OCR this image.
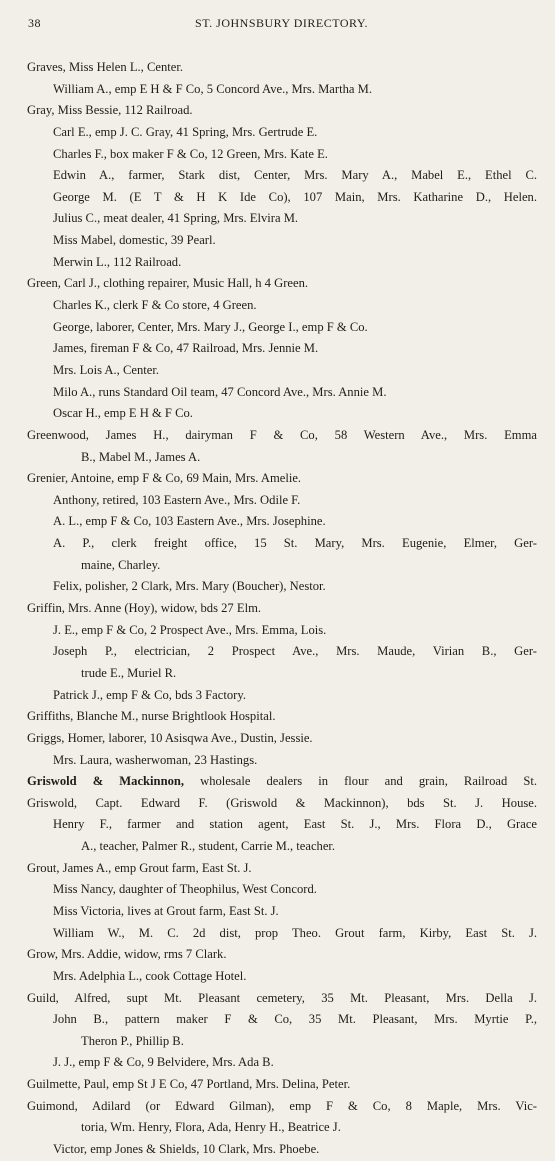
38	ST. JOHNSBURY DIRECTORY.
Graves, Miss Helen L., Center.
William A., emp E H & F Co, 5 Concord Ave., Mrs. Martha M.
Gray, Miss Bessie, 112 Railroad.
Carl E., emp J. C. Gray, 41 Spring, Mrs. Gertrude E.
Charles F., box maker F & Co, 12 Green, Mrs. Kate E.
Edwin A., farmer, Stark dist, Center, Mrs. Mary A., Mabel E., Ethel C.
George M. (E T & H K Ide Co), 107 Main, Mrs. Katharine D., Helen.
Julius C., meat dealer, 41 Spring, Mrs. Elvira M.
Miss Mabel, domestic, 39 Pearl.
Merwin L., 112 Railroad.
Green, Carl J., clothing repairer, Music Hall, h 4 Green.
Charles K., clerk F & Co store, 4 Green.
George, laborer, Center, Mrs. Mary J., George I., emp F & Co.
James, fireman F & Co, 47 Railroad, Mrs. Jennie M.
Mrs. Lois A., Center.
Milo A., runs Standard Oil team, 47 Concord Ave., Mrs. Annie M.
Oscar H., emp E H & F Co.
Greenwood, James H., dairyman F & Co, 58 Western Ave., Mrs. Emma
B., Mabel M., James A.
Grenier, Antoine, emp F & Co, 69 Main, Mrs. Amelie.
Anthony, retired, 103 Eastern Ave., Mrs. Odile F.
A. L., emp F & Co, 103 Eastern Ave., Mrs. Josephine.
A. P., clerk freight office, 15 St. Mary, Mrs. Eugenie, Elmer, Ger-
maine, Charley.
Felix, polisher, 2 Clark, Mrs. Mary (Boucher), Nestor.
Griffin, Mrs. Anne (Hoy), widow, bds 27 Elm.
J. E., emp F & Co, 2 Prospect Ave., Mrs. Emma, Lois.
Joseph P., electrician, 2 Prospect Ave., Mrs. Maude, Virian B., Ger-
trude E., Muriel R.
Patrick J., emp F & Co, bds 3 Factory.
Griffiths, Blanche M., nurse Brightlook Hospital.
Griggs, Homer, laborer, 10 Asisqwa Ave., Dustin, Jessie.
Mrs. Laura, washerwoman, 23 Hastings.
Griswold & Mackinnon, wholesale dealers in flour and grain, Railroad St.
Griswold, Capt. Edward F. (Griswold & Mackinnon), bds St. J. House.
Henry F., farmer and station agent, East St. J., Mrs. Flora D., Grace
A., teacher, Palmer R., student, Carrie M., teacher.
Grout, James A., emp Grout farm, East St. J.
Miss Nancy, daughter of Theophilus, West Concord.
Miss Victoria, lives at Grout farm, East St. J.
William W., M. C. 2d dist, prop Theo. Grout farm, Kirby, East St. J.
Grow, Mrs. Addie, widow, rms 7 Clark.
Mrs. Adelphia L., cook Cottage Hotel.
Guild, Alfred, supt Mt. Pleasant cemetery, 35 Mt. Pleasant, Mrs. Della J.
John B., pattern maker F & Co, 35 Mt. Pleasant, Mrs. Myrtie P.,
Theron P., Phillip B.
J. J., emp F & Co, 9 Belvidere, Mrs. Ada B.
Guilmette, Paul, emp St J E Co, 47 Portland, Mrs. Delina, Peter.
Guimond, Adilard (or Edward Gilman), emp F & Co, 8 Maple, Mrs. Vic-
toria, Wm. Henry, Flora, Ada, Henry H., Beatrice J.
Victor, emp Jones & Shields, 10 Clark, Mrs. Phoebe.
